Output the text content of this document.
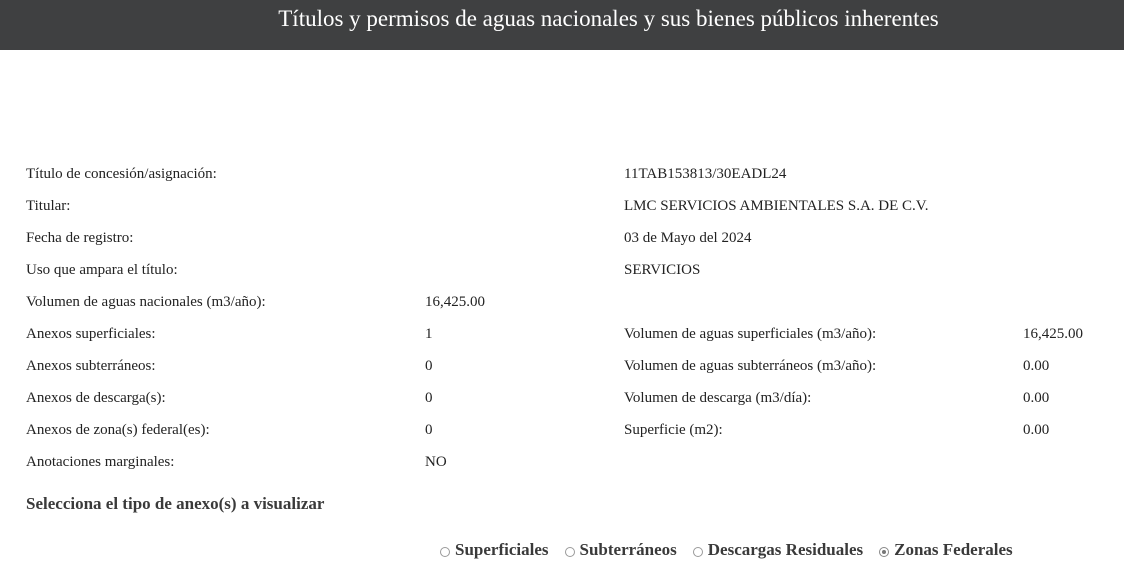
Títulos y permisos de aguas nacionales y sus bienes públicos inherentes
Título de concesión/asignación:	11TAB153813/30EADL24
Titular:	LMC SERVICIOS AMBIENTALES S.A. DE C.V.
Fecha de registro:	03 de Mayo del 2024
Uso que ampara el título:	SERVICIOS
Volumen de aguas nacionales (m3/año):	16,425.00
Anexos superficiales:	1	Volumen de aguas superficiales (m3/año):	16,425.00
Anexos subterráneos:	0	Volumen de aguas subterráneos (m3/año):	0.00
Anexos de descarga(s):	0	Volumen de descarga (m3/día):	0.00
Anexos de zona(s) federal(es):	0	Superficie (m2):	0.00
Anotaciones marginales:	NO
Selecciona el tipo de anexo(s) a visualizar
Superficiales Subterráneos Descargas Residuales Zonas Federales
